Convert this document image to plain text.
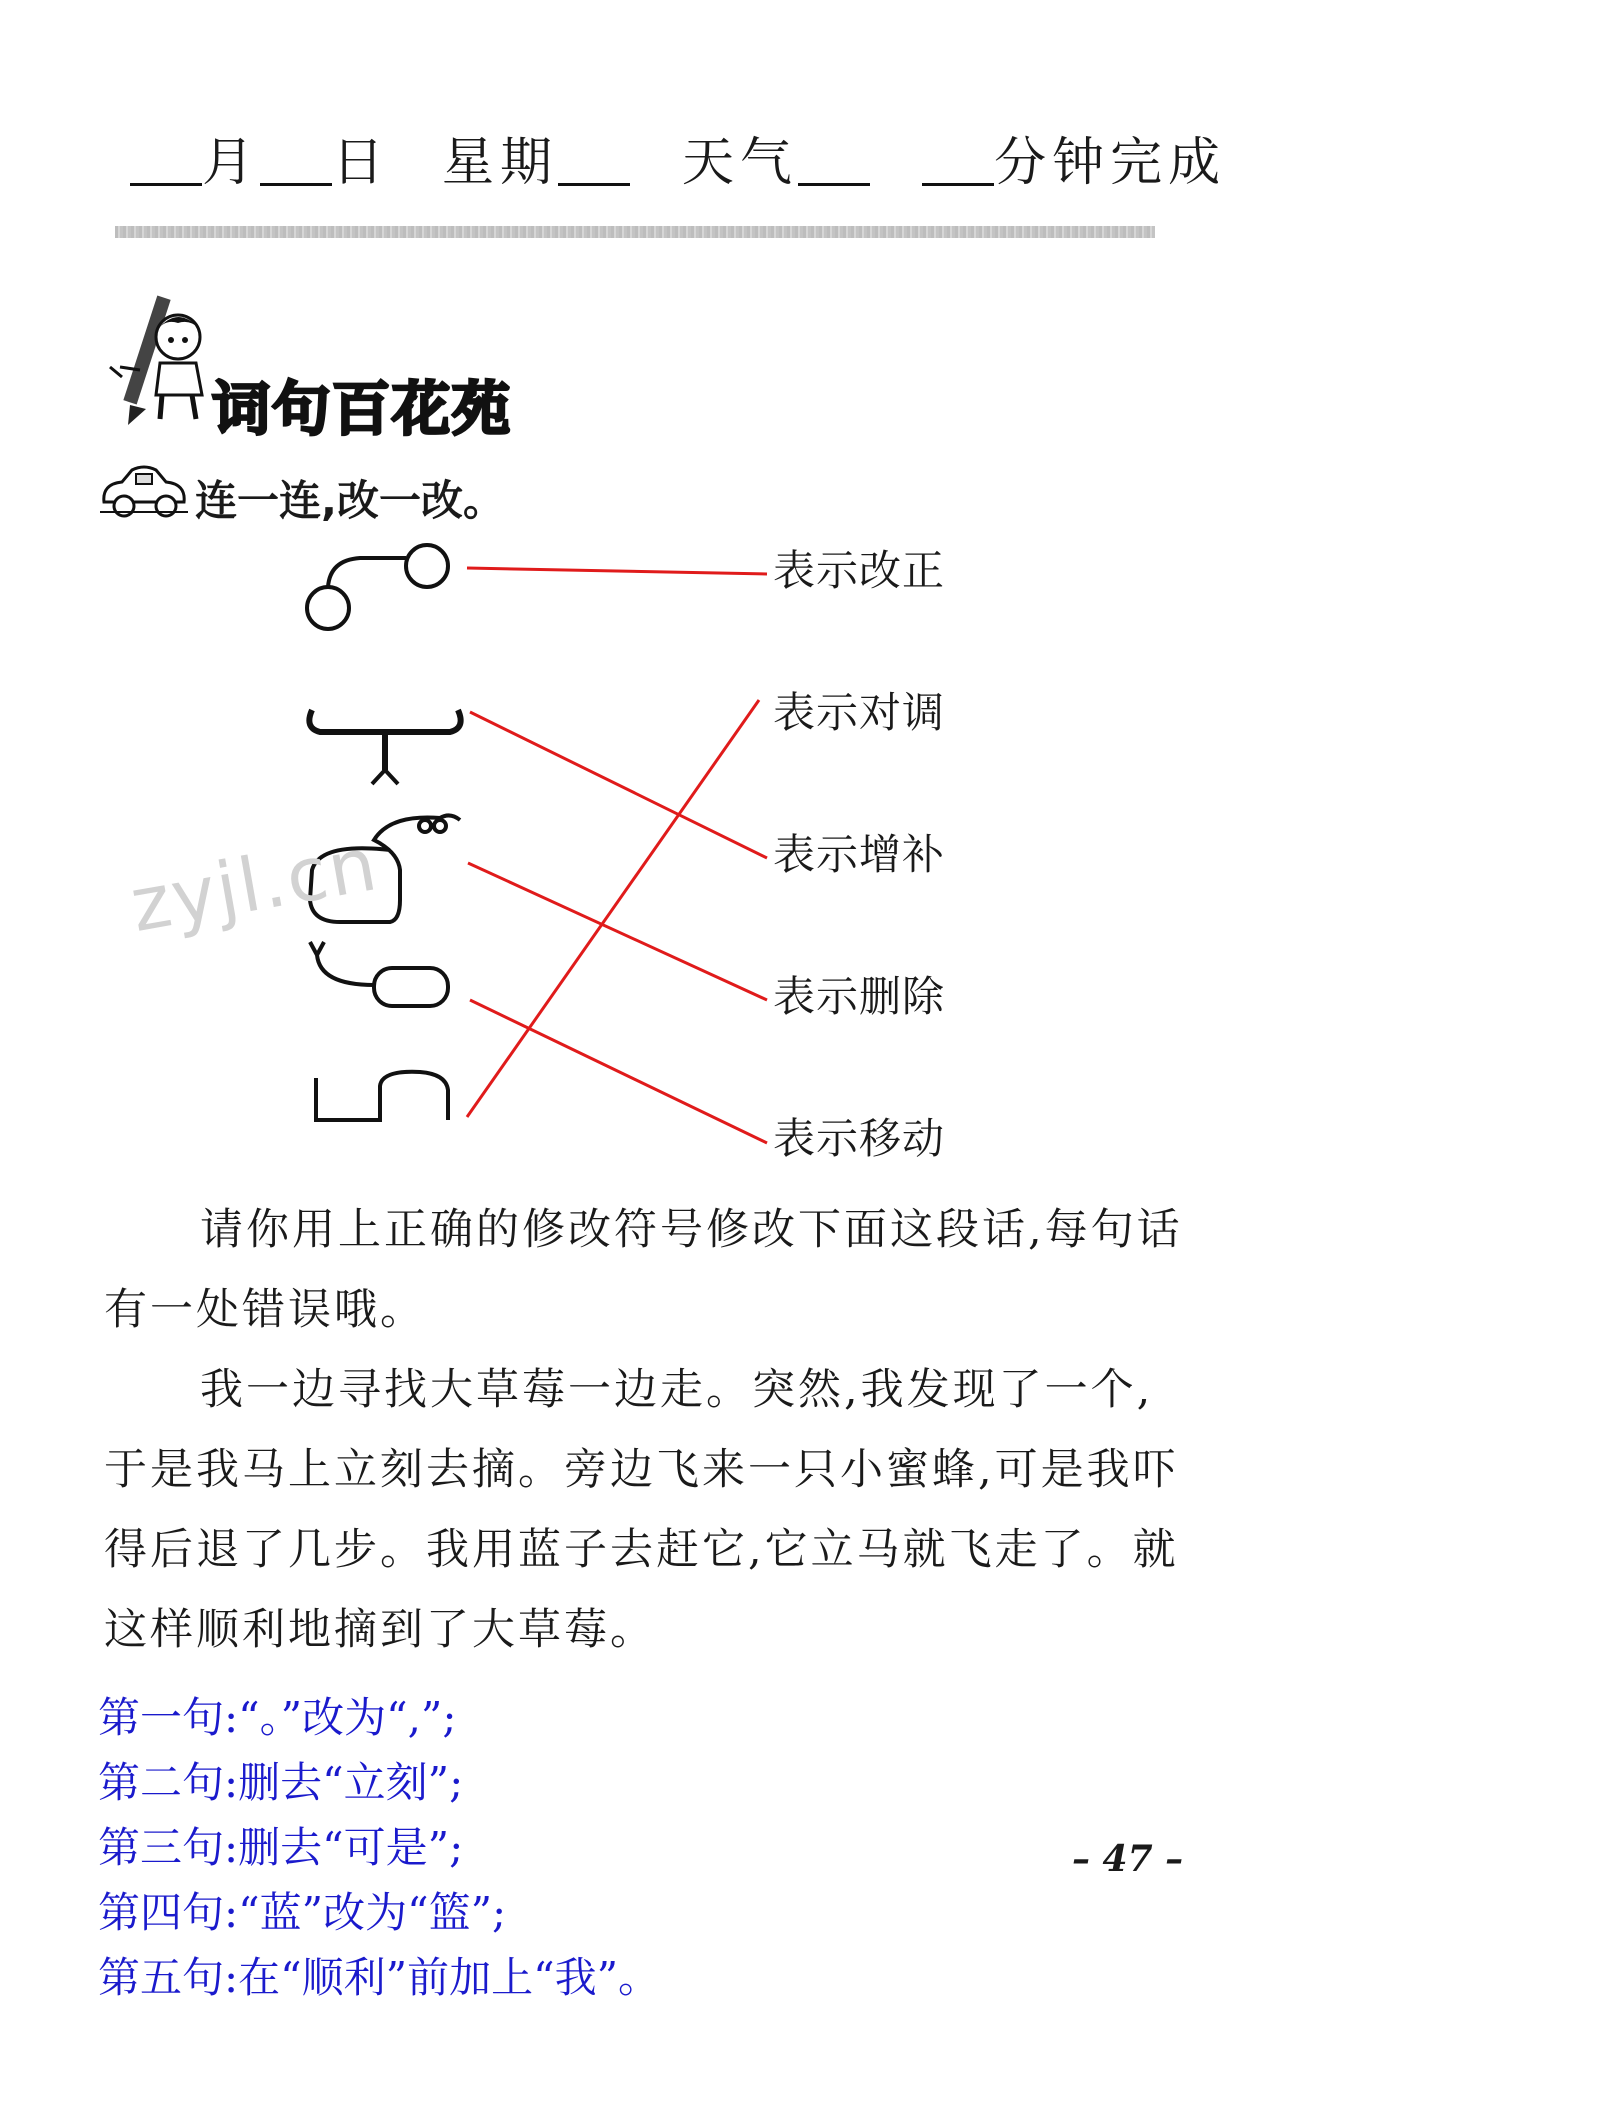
月 日 星期 天气	分钟完成
词句百花苑
连一连,改一改。
表示改正
表示对调
表示增补
表示删除
表示移动
zyjl.cn
请你用上正确的修改符号修改下面这段话,每句话有一处错误哦。
我一边寻找大草莓一边走。突然,我发现了一个,于是我马上立刻去摘。旁边飞来一只小蜜蜂,可是我吓得后退了几步。我用蓝子去赶它,它立马就飞走了。就这样顺利地摘到了大草莓。
第一句:“。”改为“,”;
第二句:删去“立刻”;
第三句:删去“可是”;
第四句:“蓝”改为“篮”;
第五句:在“顺利”前加上“我”。
– 47 –
